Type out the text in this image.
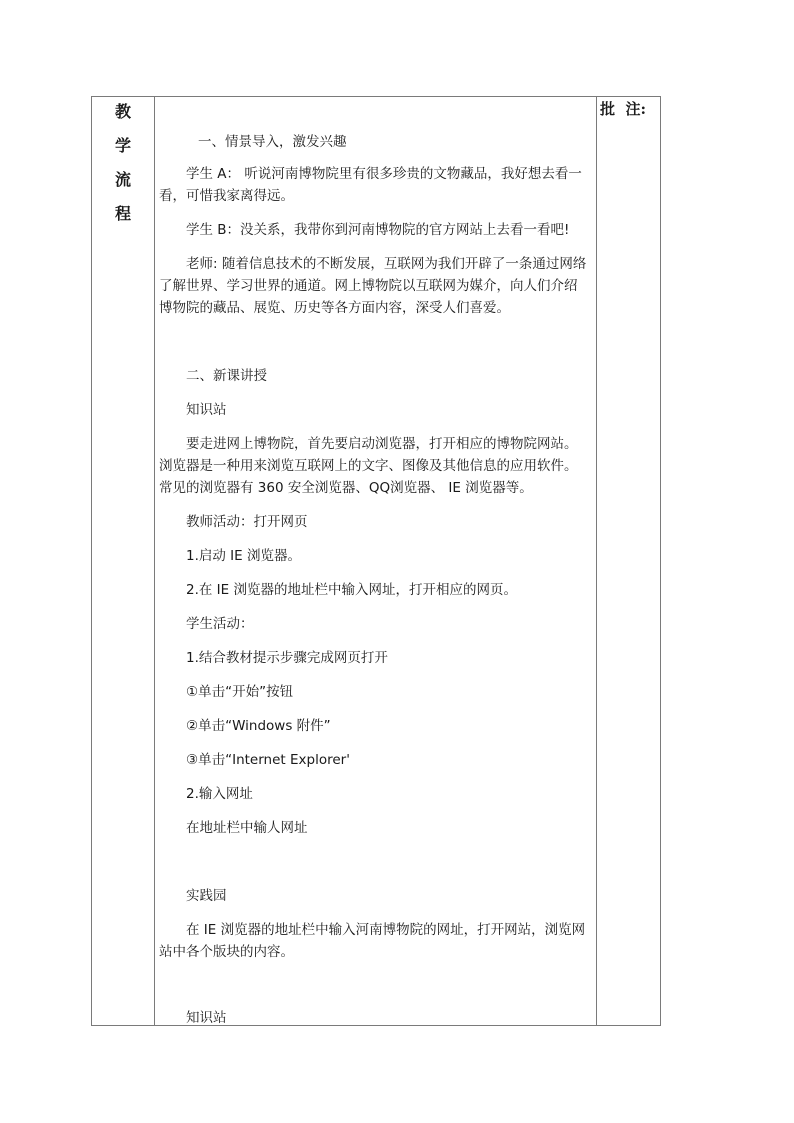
教
学
流
程
批  注:
一、情景导入，激发兴趣
学生 A： 听说河南博物院里有很多珍贵的文物藏品，我好想去看一看，可惜我家离得远。
学生 B：没关系，我带你到河南博物院的官方网站上去看一看吧!
老师: 随着信息技术的不断发展，互联网为我们开辟了一条通过网络了解世界、学习世界的通道。网上博物院以互联网为媒介，向人们介绍博物院的藏品、展览、历史等各方面内容，深受人们喜爱。
二、新课讲授
知识站
要走进网上博物院，首先要启动浏览器，打开相应的博物院网站。浏览器是一种用来浏览互联网上的文字、图像及其他信息的应用软件。常见的浏览器有 360 安全浏览器、QQ浏览器、 IE 浏览器等。
教师活动：打开网页
1.启动 IE 浏览器。
2.在 IE 浏览器的地址栏中输入网址，打开相应的网页。
学生活动：
1.结合教材提示步骤完成网页打开
①单击“开始”按钮
②单击“Windows 附件”
③单击“Internet Explorer'
2.输入网址
在地址栏中输人网址
实践园
在 IE 浏览器的地址栏中输入河南博物院的网址，打开网站，浏览网站中各个版块的内容。
知识站
